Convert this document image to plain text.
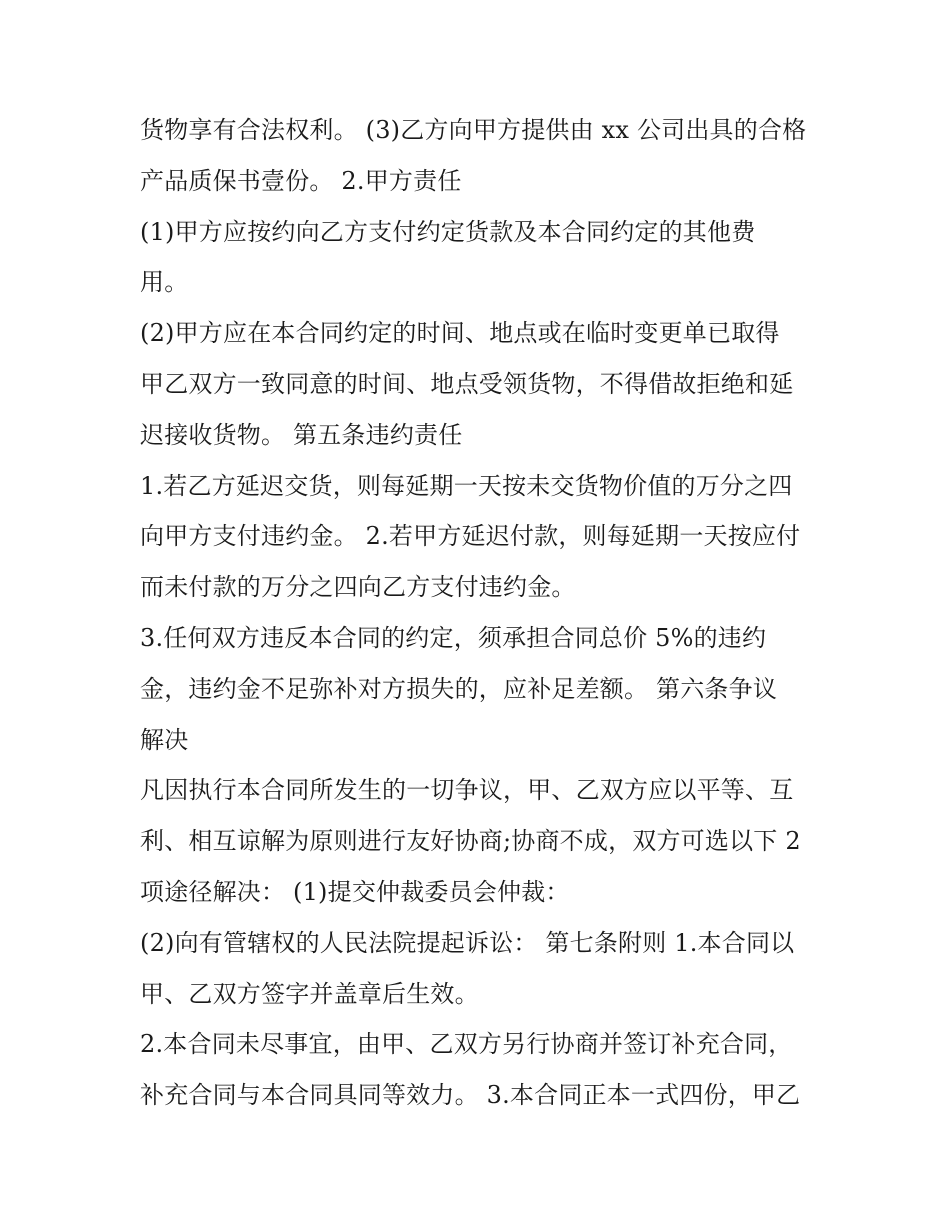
货物享有合法权利。 (3)乙方向甲方提供由 xx 公司出具的合格
产品质保书壹份。 2.甲方责任
(1)甲方应按约向乙方支付约定货款及本合同约定的其他费
用。
(2)甲方应在本合同约定的时间、地点或在临时变更单已取得
甲乙双方一致同意的时间、地点受领货物，不得借故拒绝和延
迟接收货物。 第五条违约责任
1.若乙方延迟交货，则每延期一天按未交货物价值的万分之四
向甲方支付违约金。 2.若甲方延迟付款，则每延期一天按应付
而未付款的万分之四向乙方支付违约金。
3.任何双方违反本合同的约定，须承担合同总价 5%的违约
金，违约金不足弥补对方损失的，应补足差额。 第六条争议
解决
凡因执行本合同所发生的一切争议，甲、乙双方应以平等、互
利、相互谅解为原则进行友好协商;协商不成，双方可选以下 2
项途径解决： (1)提交仲裁委员会仲裁：
(2)向有管辖权的人民法院提起诉讼： 第七条附则 1.本合同以
甲、乙双方签字并盖章后生效。
2.本合同未尽事宜，由甲、乙双方另行协商并签订补充合同，
补充合同与本合同具同等效力。 3.本合同正本一式四份，甲乙
